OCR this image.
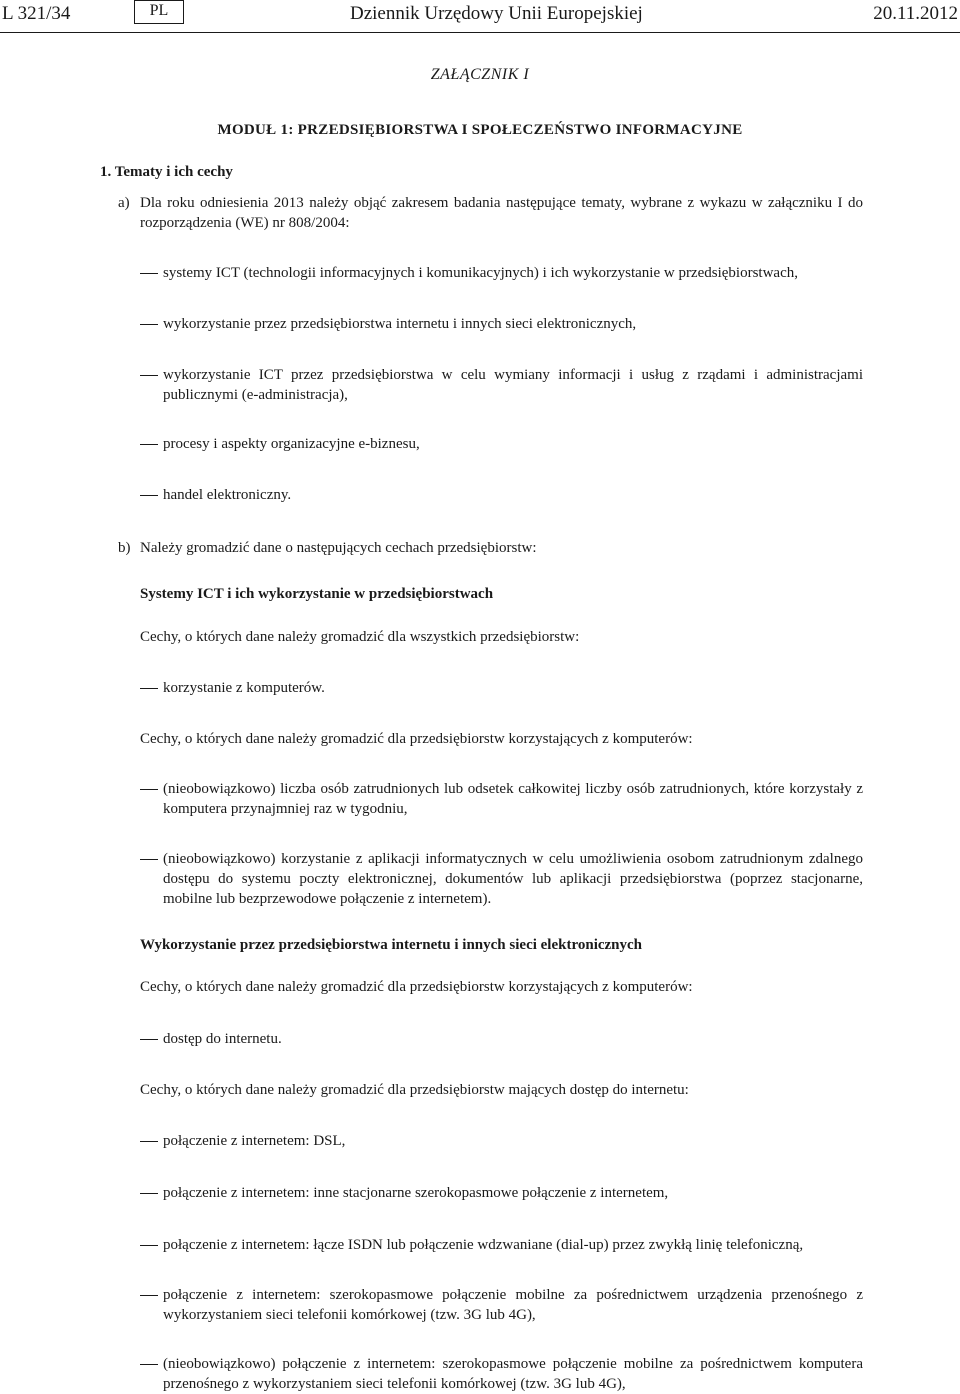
L 321/34	PL	Dziennik Urzędowy Unii Europejskiej	20.11.2012
ZAŁĄCZNIK I
MODUŁ 1: PRZEDSIĘBIORSTWA I SPOŁECZEŃSTWO INFORMACYJNE
1. Tematy i ich cechy
a) Dla roku odniesienia 2013 należy objąć zakresem badania następujące tematy, wybrane z wykazu w załączniku I do rozporządzenia (WE) nr 808/2004:
systemy ICT (technologii informacyjnych i komunikacyjnych) i ich wykorzystanie w przedsiębiorstwach,
wykorzystanie przez przedsiębiorstwa internetu i innych sieci elektronicznych,
wykorzystanie ICT przez przedsiębiorstwa w celu wymiany informacji i usług z rządami i administracjami publicznymi (e-administracja),
procesy i aspekty organizacyjne e-biznesu,
handel elektroniczny.
b) Należy gromadzić dane o następujących cechach przedsiębiorstw:
Systemy ICT i ich wykorzystanie w przedsiębiorstwach
Cechy, o których dane należy gromadzić dla wszystkich przedsiębiorstw:
korzystanie z komputerów.
Cechy, o których dane należy gromadzić dla przedsiębiorstw korzystających z komputerów:
(nieobowiązkowo) liczba osób zatrudnionych lub odsetek całkowitej liczby osób zatrudnionych, które korzystały z komputera przynajmniej raz w tygodniu,
(nieobowiązkowo) korzystanie z aplikacji informatycznych w celu umożliwienia osobom zatrudnionym zdalnego dostępu do systemu poczty elektronicznej, dokumentów lub aplikacji przedsiębiorstwa (poprzez stacjonarne, mobilne lub bezprzewodowe połączenie z internetem).
Wykorzystanie przez przedsiębiorstwa internetu i innych sieci elektronicznych
Cechy, o których dane należy gromadzić dla przedsiębiorstw korzystających z komputerów:
dostęp do internetu.
Cechy, o których dane należy gromadzić dla przedsiębiorstw mających dostęp do internetu:
połączenie z internetem: DSL,
połączenie z internetem: inne stacjonarne szerokopasmowe połączenie z internetem,
połączenie z internetem: łącze ISDN lub połączenie wdzwaniane (dial-up) przez zwykłą linię telefoniczną,
połączenie z internetem: szerokopasmowe połączenie mobilne za pośrednictwem urządzenia przenośnego z wykorzystaniem sieci telefonii komórkowej (tzw. 3G lub 4G),
(nieobowiązkowo) połączenie z internetem: szerokopasmowe połączenie mobilne za pośrednictwem komputera przenośnego z wykorzystaniem sieci telefonii komórkowej (tzw. 3G lub 4G),
